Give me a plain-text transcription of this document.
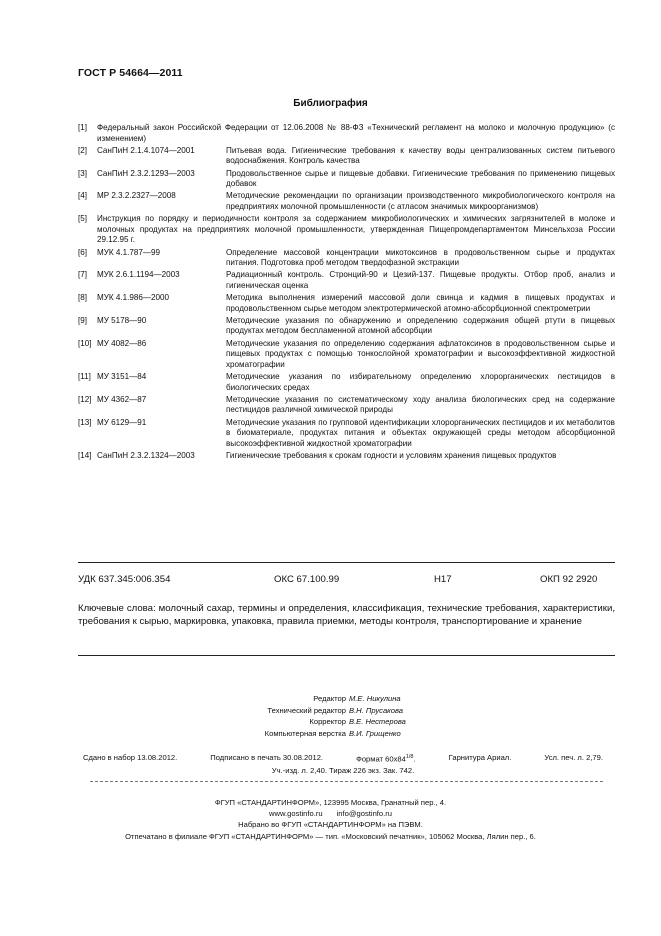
ГОСТ Р 54664—2011
Библиография
[1]	Федеральный закон Российской Федерации от 12.06.2008 № 88-ФЗ «Технический регламент на молоко и молочную продукцию» (с изменением)
[2]	СанПиН 2.1.4.1074—2001	Питьевая вода. Гигиенические требования к качеству воды централизованных систем питьевого водоснабжения. Контроль качества
[3]	СанПиН 2.3.2.1293—2003	Продовольственное сырье и пищевые добавки. Гигиенические требования по применению пищевых добавок
[4]	МР 2.3.2.2327—2008	Методические рекомендации по организации производственного микробиологического контроля на предприятиях молочной промышленности (с атласом значимых микроорганизмов)
[5]	Инструкция по порядку и периодичности контроля за содержанием микробиологических и химических загрязнителей в молоке и молочных продуктах на предприятиях молочной промышленности, утвержденная Пищепромдепартаментом Минсельхоза России 29.12.95 г.
[6]	МУК 4.1.787—99	Определение массовой концентрации микотоксинов в продовольственном сырье и продуктах питания. Подготовка проб методом твердофазной экстракции
[7]	МУК 2.6.1.1194—2003	Радиационный контроль. Стронций-90 и Цезий-137. Пищевые продукты. Отбор проб, анализ и гигиеническая оценка
[8]	МУК 4.1.986—2000	Методика выполнения измерений массовой доли свинца и кадмия в пищевых продуктах и продовольственном сырье методом электротермической атомно-абсорбционной спектрометрии
[9]	МУ 5178—90	Методические указания по обнаружению и определению содержания общей ртути в пищевых продуктах методом беспламенной атомной абсорбции
[10] МУ 4082—86	Методические указания по определению содержания афлатоксинов в продовольственном сырье и пищевых продуктах с помощью тонкослойной хроматографии и высокоэффективной жидкостной хроматографии
[11] МУ 3151—84	Методические указания по избирательному определению хлорорганических пестицидов в биологических средах
[12] МУ 4362—87	Методические указания по систематическому ходу анализа биологических сред на содержание пестицидов различной химической природы
[13] МУ 6129—91	Методические указания по групповой идентификации хлорорганических пестицидов и их метаболитов в биоматериале, продуктах питания и объектах окружающей среды методом абсорбционной высокоэффективной жидкостной хроматографии
[14] СанПиН 2.3.2.1324—2003	Гигиенические требования к срокам годности и условиям хранения пищевых продуктов
УДК 637.345:006.354	ОКС 67.100.99	Н17	ОКП 92 2920
Ключевые слова: молочный сахар, термины и определения, классификация, технические требования, характеристики, требования к сырью, маркировка, упаковка, правила приемки, методы контроля, транспортирование и хранение
Редактор М.Е. Никулина
Технический редактор В.Н. Прусакова
Корректор В.Е. Нестерова
Компьютерная верстка В.И. Грищенко
Сдано в набор 13.08.2012.	Подписано в печать 30.08.2012.	Формат $60х84^{1/8}$.	Гарнитура Ариал.	Усл. печ. л. 2,79.
Уч.-изд. л. 2,40. Тираж 226 экз. Зак. 742.
ФГУП «СТАНДАРТИНФОРМ», 123995 Москва, Гранатный пер., 4.
www.gostinfo.ru info@gostinfo.ru
Набрано во ФГУП «СТАНДАРТИНФОРМ» на ПЭВМ.
Отпечатано в филиале ФГУП «СТАНДАРТИНФОРМ» — тип. «Московский печатник», 105062 Москва, Лялин пер., 6.
